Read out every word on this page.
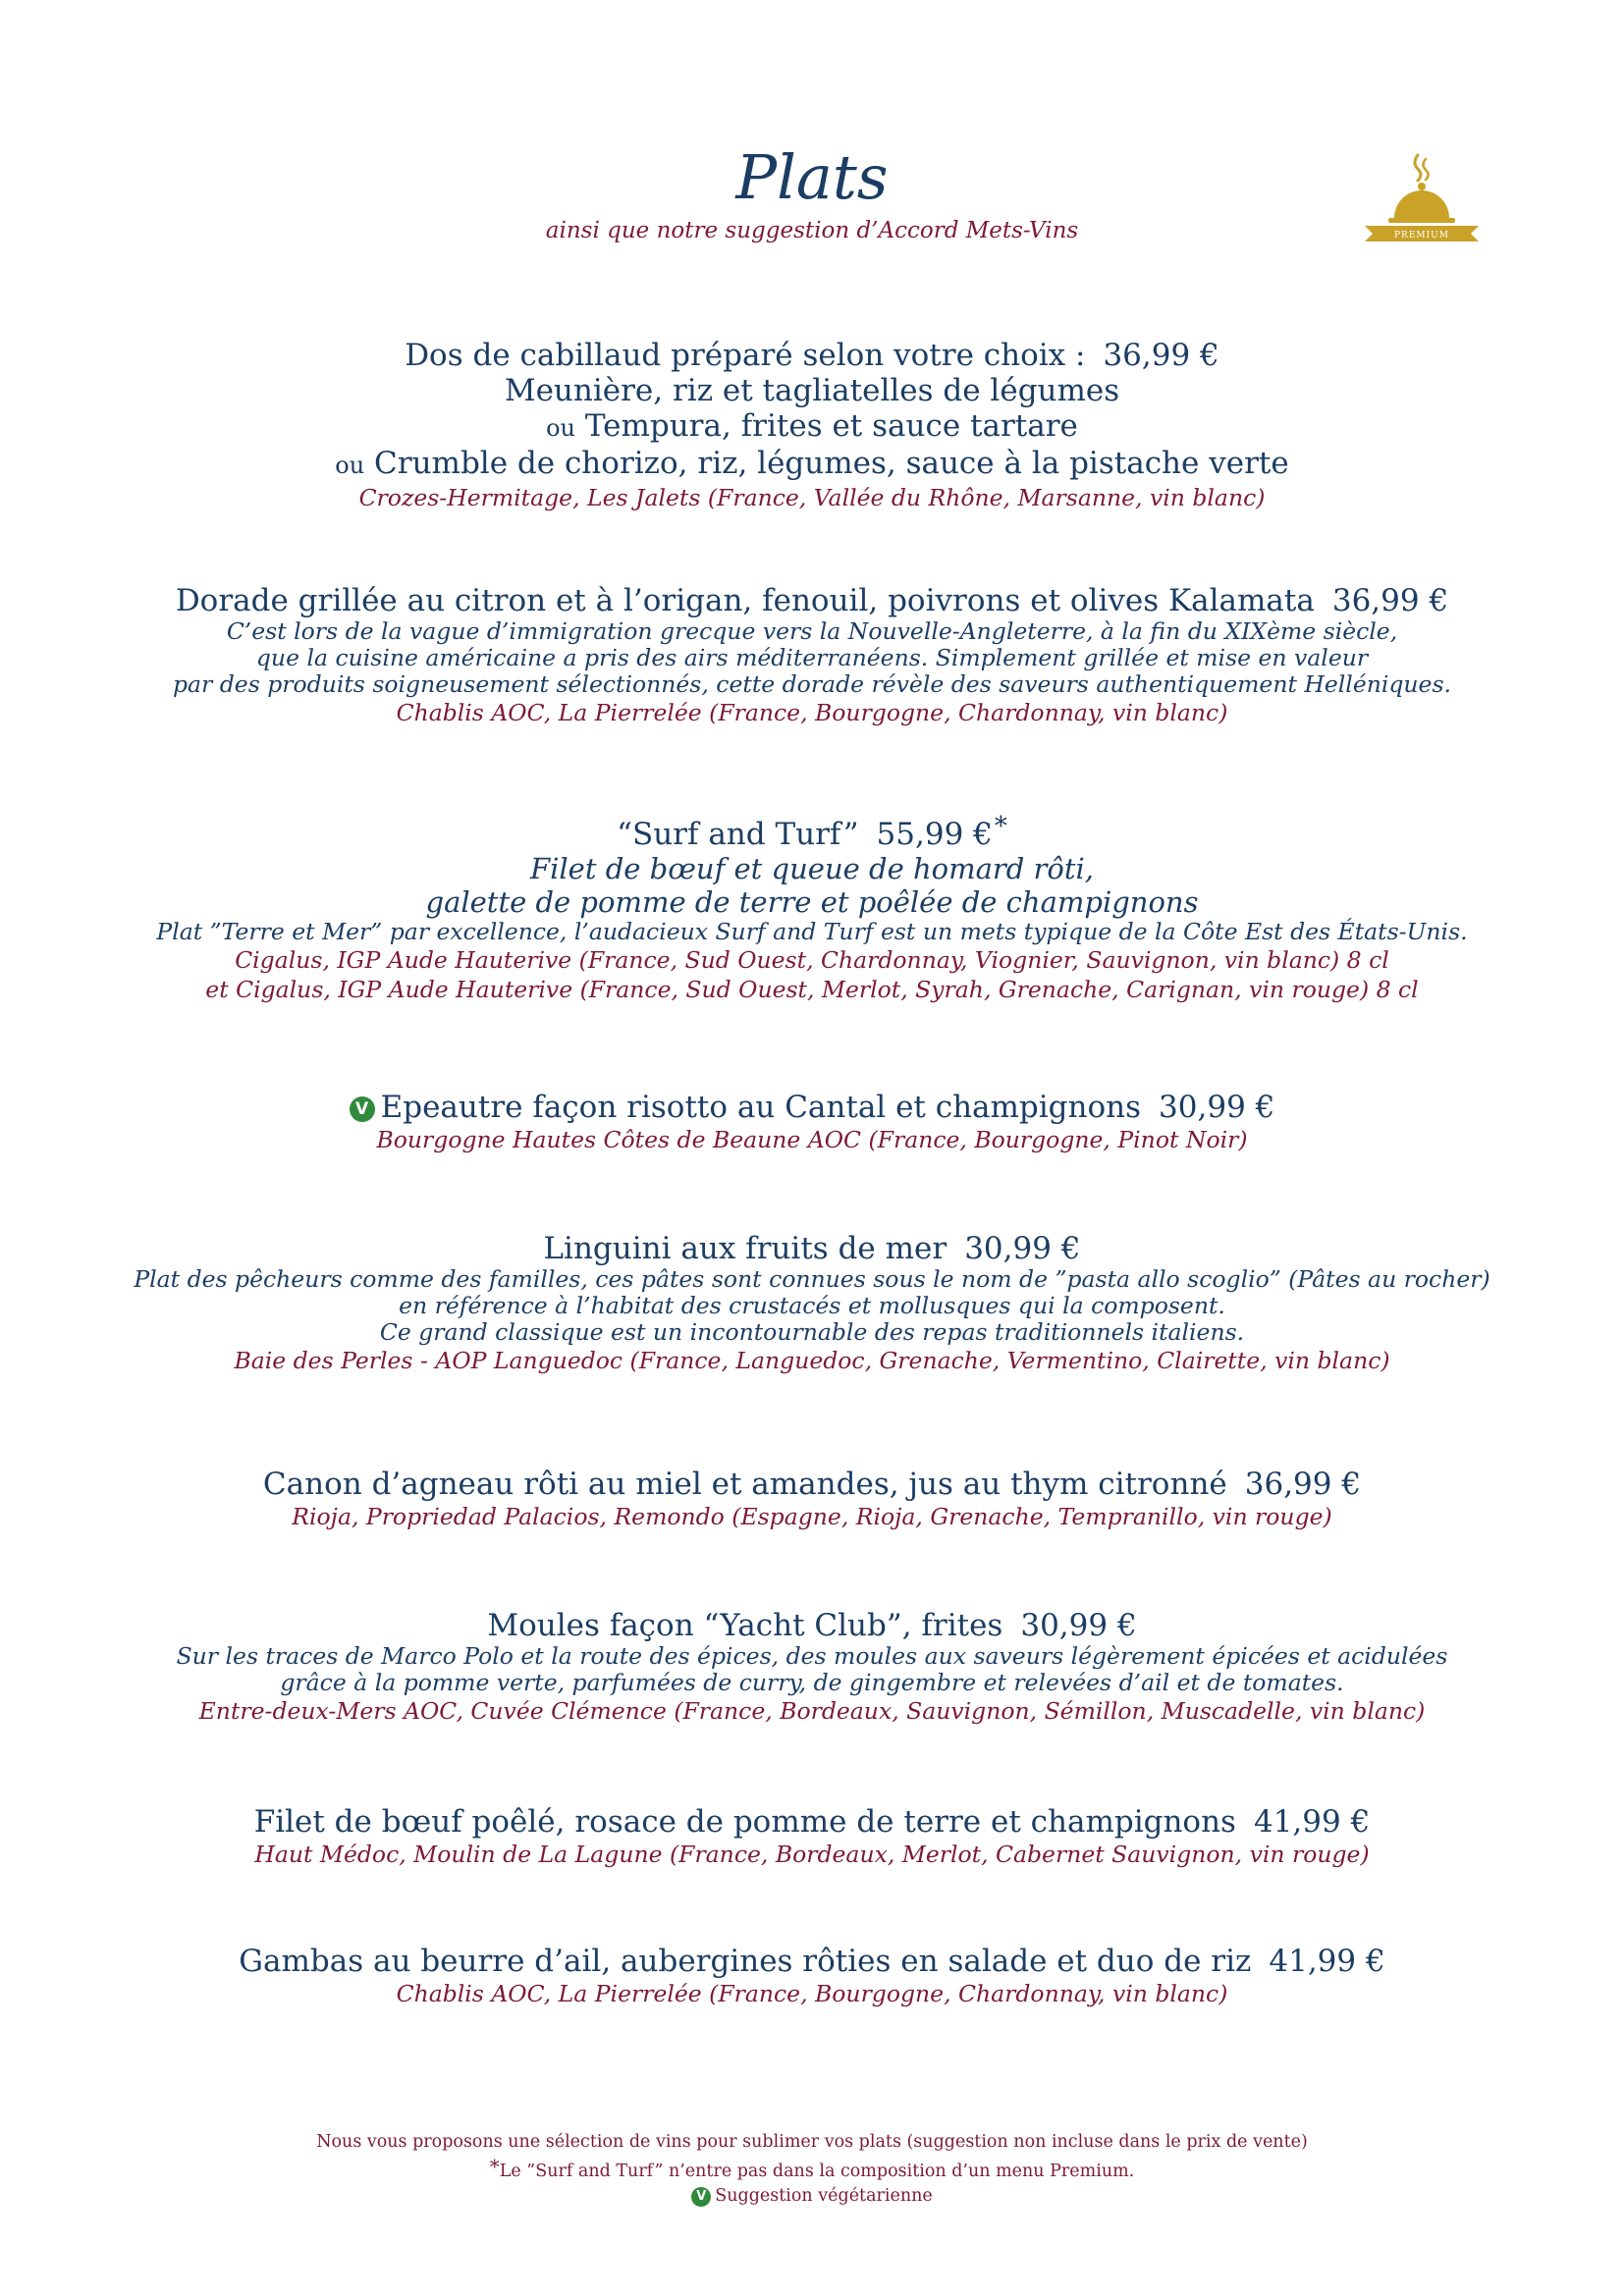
Plats
ainsi que notre suggestion d’Accord Mets-Vins	PREMIUM
Dos de cabillaud préparé selon votre choix : 36,99 €
Meunière, riz et tagliatelles de légumes
ou Tempura, frites et sauce tartare
ou Crumble de chorizo, riz, légumes, sauce à la pistache verte
Crozes-Hermitage, Les Jalets (France, Vallée du Rhône, Marsanne, vin blanc)
Dorade grillée au citron et à l’origan, fenouil, poivrons et olives Kalamata 36,99 €
C’est lors de la vague d’immigration grecque vers la Nouvelle-Angleterre, à la fin du XIXème siècle,
que la cuisine américaine a pris des airs méditerranéens. Simplement grillée et mise en valeur
par des produits soigneusement sélectionnés, cette dorade révèle des saveurs authentiquement Helléniques.
Chablis AOC, La Pierrelée (France, Bourgogne, Chardonnay, vin blanc)
“Surf and Turf” 55,99 €*
Filet de bœuf et queue de homard rôti,
galette de pomme de terre et poêlée de champignons
Plat ”Terre et Mer” par excellence, l’audacieux Surf and Turf est un mets typique de la Côte Est des États-Unis.
Cigalus, IGP Aude Hauterive (France, Sud Ouest, Chardonnay, Viognier, Sauvignon, vin blanc) 8 cl
et Cigalus, IGP Aude Hauterive (France, Sud Ouest, Merlot, Syrah, Grenache, Carignan, vin rouge) 8 cl
V Epeautre façon risotto au Cantal et champignons 30,99 €
Bourgogne Hautes Côtes de Beaune AOC (France, Bourgogne, Pinot Noir)
Linguini aux fruits de mer 30,99 €
Plat des pêcheurs comme des familles, ces pâtes sont connues sous le nom de ”pasta allo scoglio” (Pâtes au rocher)
en référence à l’habitat des crustacés et mollusques qui la composent.
Ce grand classique est un incontournable des repas traditionnels italiens.
Baie des Perles - AOP Languedoc (France, Languedoc, Grenache, Vermentino, Clairette, vin blanc)
Canon d’agneau rôti au miel et amandes, jus au thym citronné 36,99 €
Rioja, Propriedad Palacios, Remondo (Espagne, Rioja, Grenache, Tempranillo, vin rouge)
Moules façon “Yacht Club”, frites 30,99 €
Sur les traces de Marco Polo et la route des épices, des moules aux saveurs légèrement épicées et acidulées
grâce à la pomme verte, parfumées de curry, de gingembre et relevées d’ail et de tomates.
Entre-deux-Mers AOC, Cuvée Clémence (France, Bordeaux, Sauvignon, Sémillon, Muscadelle, vin blanc)
Filet de bœuf poêlé, rosace de pomme de terre et champignons 41,99 €
Haut Médoc, Moulin de La Lagune (France, Bordeaux, Merlot, Cabernet Sauvignon, vin rouge)
Gambas au beurre d’ail, aubergines rôties en salade et duo de riz 41,99 €
Chablis AOC, La Pierrelée (France, Bourgogne, Chardonnay, vin blanc)
Nous vous proposons une sélection de vins pour sublimer vos plats (suggestion non incluse dans le prix de vente)
*Le ”Surf and Turf” n’entre pas dans la composition d’un menu Premium.
V Suggestion végétarienne
